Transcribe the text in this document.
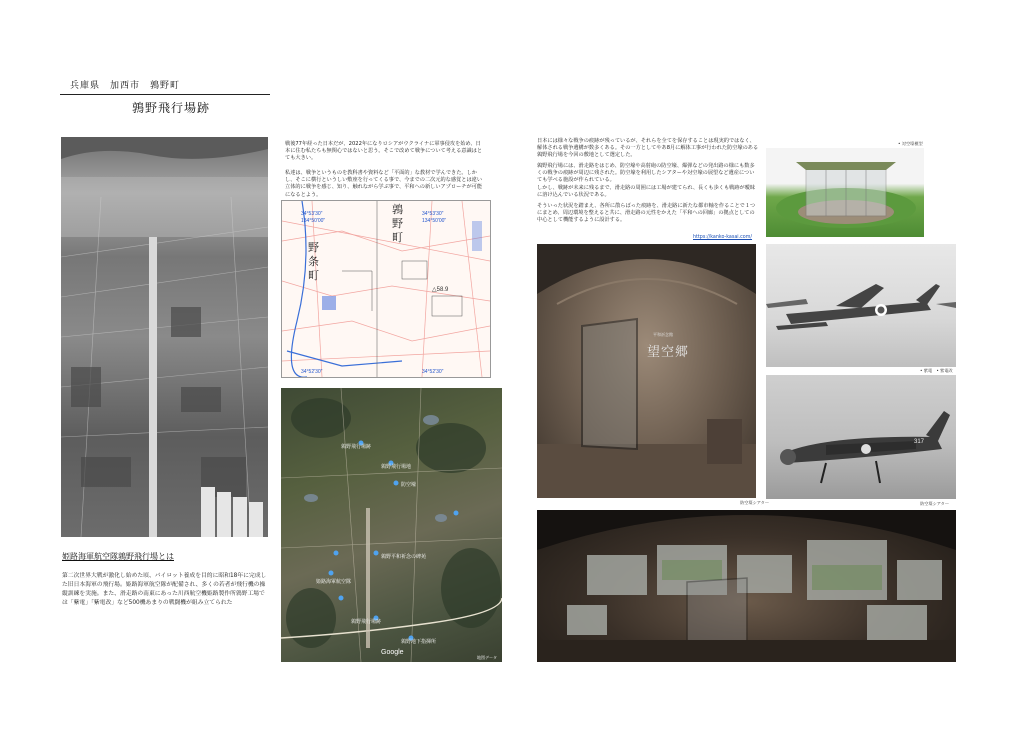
兵庫県　加西市　鶉野町
鶉野飛行場跡
姫路海軍航空隊鶉野飛行場とは
第二次世界大戦が激化し始めた頃、パイロット養成を目的に昭和18年に完成した旧日本海軍の飛行場。姫路海軍航空隊が配備され、多くの若者が飛行機の操縦訓練を実施。また、滑走路の南東にあった川西航空機姫路製作所鶉野工場では「紫電」「紫電改」など500機あまりの戦闘機が組み立てられた
戦後77年経った日本だが、2022年になりロシアがウクライナに軍事侵攻を始め、日本に住む私たちも無関心ではないと思う。そこで改めて戦争について考える意識はとても大きい。
私達は、戦争というものを教科書や資料など「平面的」な教材で学んできた。しかし、そこに横行というしい敷座を行ってくる事で、今までの二次元的な感覚とは違い立体的に戦争を感じ、知り、触れながら学ぶ事で、平和への新しいアプローチが可能になるとよう。
34°53'30"
134°50'00"
34°53'30"
134°50'00"
34°52'30"	34°52'30"
鶉
野
町
野
条
町
△58.9
鶉野飛行場跡
鶉野飛行場地
防空壕
鶉野平和祈念の碑苑
姫路海軍航空隊
鶉野飛行場跡
鶉野地下指揮所
Google
地図データ
日本には様々な戦争の痕跡が残っているが、それらを全てを保存することは現実的ではなく、解体される戦争遺構が数多くある。その一方としてやあ8月に解体工事が行われた防空壕のある鶉野飛行場を今回の敷地として選定した。
鶉野飛行場には、滑走路をはじめ、防空壕や高射砲の防空壕、爆弾などの発出路の様にも数多くの戦争の痕跡が周辺に残された。防空壕を利用したシアターや対空壕の展望など遺産についても学べる施設が作られている。
しかし、戦跡が未来に残るまで、滑走路の周囲には工場が建てられ、長くも歩くも戦跡が曖昧に溶け込んでいる状況である。
そういった状況を踏まえ、各所に散らばった痕跡を、滑走路に新たな都市軸を作ることで１つにまとめ、周辺環境を整えると共に、滑走路の元性をかえた「平和への回廊」の拠点としての中心として機能するように設計する。
https://kanko-kasai.com/
平和祈念館
望 空 郷
防空壕シアター
• 対空壕模型
• 紫電　• 紫電改
317
防空壕シアター
